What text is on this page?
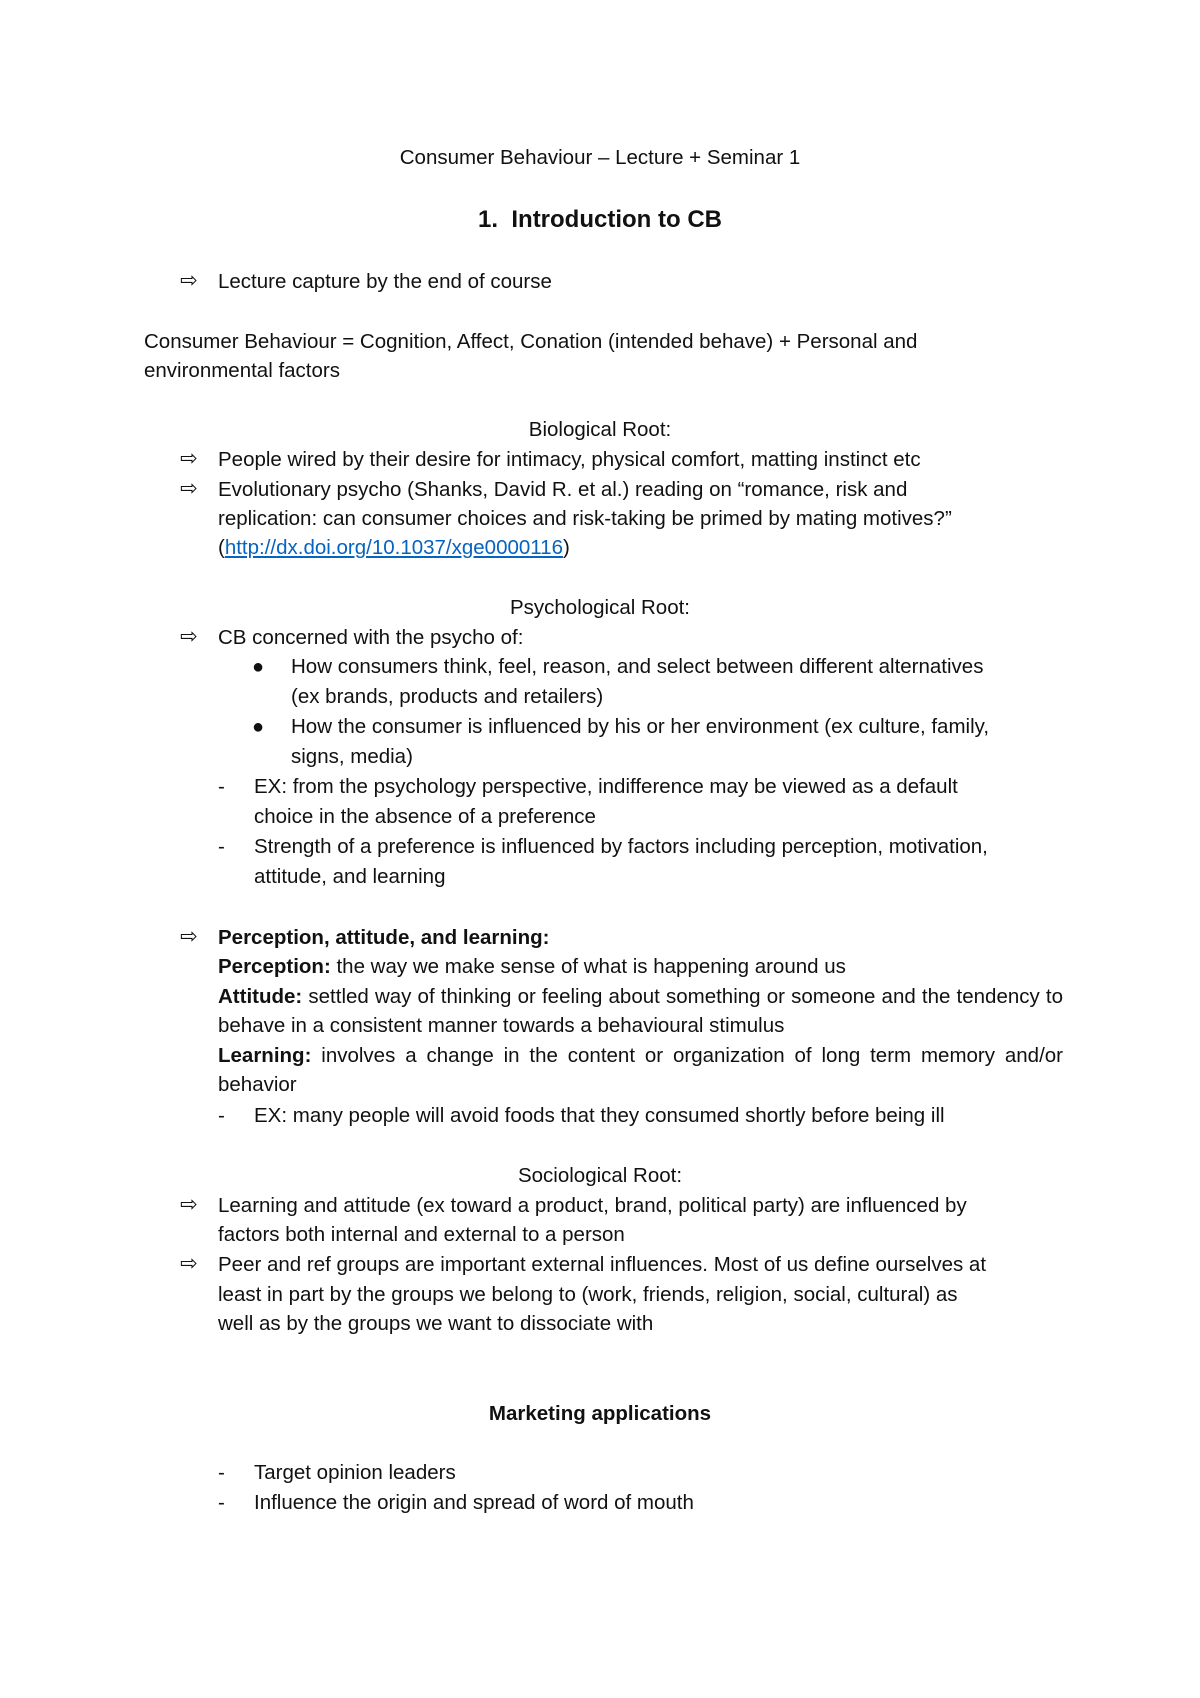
Consumer Behaviour – Lecture + Seminar 1
1. Introduction to CB
⇨ Lecture capture by the end of course
Consumer Behaviour = Cognition, Affect, Conation (intended behave) + Personal and
environmental factors
Biological Root:
⇨ People wired by their desire for intimacy, physical comfort, matting instinct etc
⇨ Evolutionary psycho (Shanks, David R. et al.) reading on “romance, risk and
replication: can consumer choices and risk-taking be primed by mating motives?”
(http://dx.doi.org/10.1037/xge0000116)
Psychological Root:
⇨ CB concerned with the psycho of:
● How consumers think, feel, reason, and select between different alternatives
(ex brands, products and retailers)
● How the consumer is influenced by his or her environment (ex culture, family,
signs, media)
- EX: from the psychology perspective, indifference may be viewed as a default
choice in the absence of a preference
- Strength of a preference is influenced by factors including perception, motivation,
attitude, and learning
⇨ Perception, attitude, and learning:

Perception: the way we make sense of what is happening around us

Attitude: settled way of thinking or feeling about something or someone and the tendency to behave in a consistent manner towards a behavioural stimulus

Learning: involves a change in the content or organization of long term memory and/or behavior

- EX: many people will avoid foods that they consumed shortly before being ill
Sociological Root:
⇨ Learning and attitude (ex toward a product, brand, political party) are influenced by
factors both internal and external to a person
⇨ Peer and ref groups are important external influences. Most of us define ourselves at
least in part by the groups we belong to (work, friends, religion, social, cultural) as
well as by the groups we want to dissociate with
Marketing applications
- Target opinion leaders
- Influence the origin and spread of word of mouth
